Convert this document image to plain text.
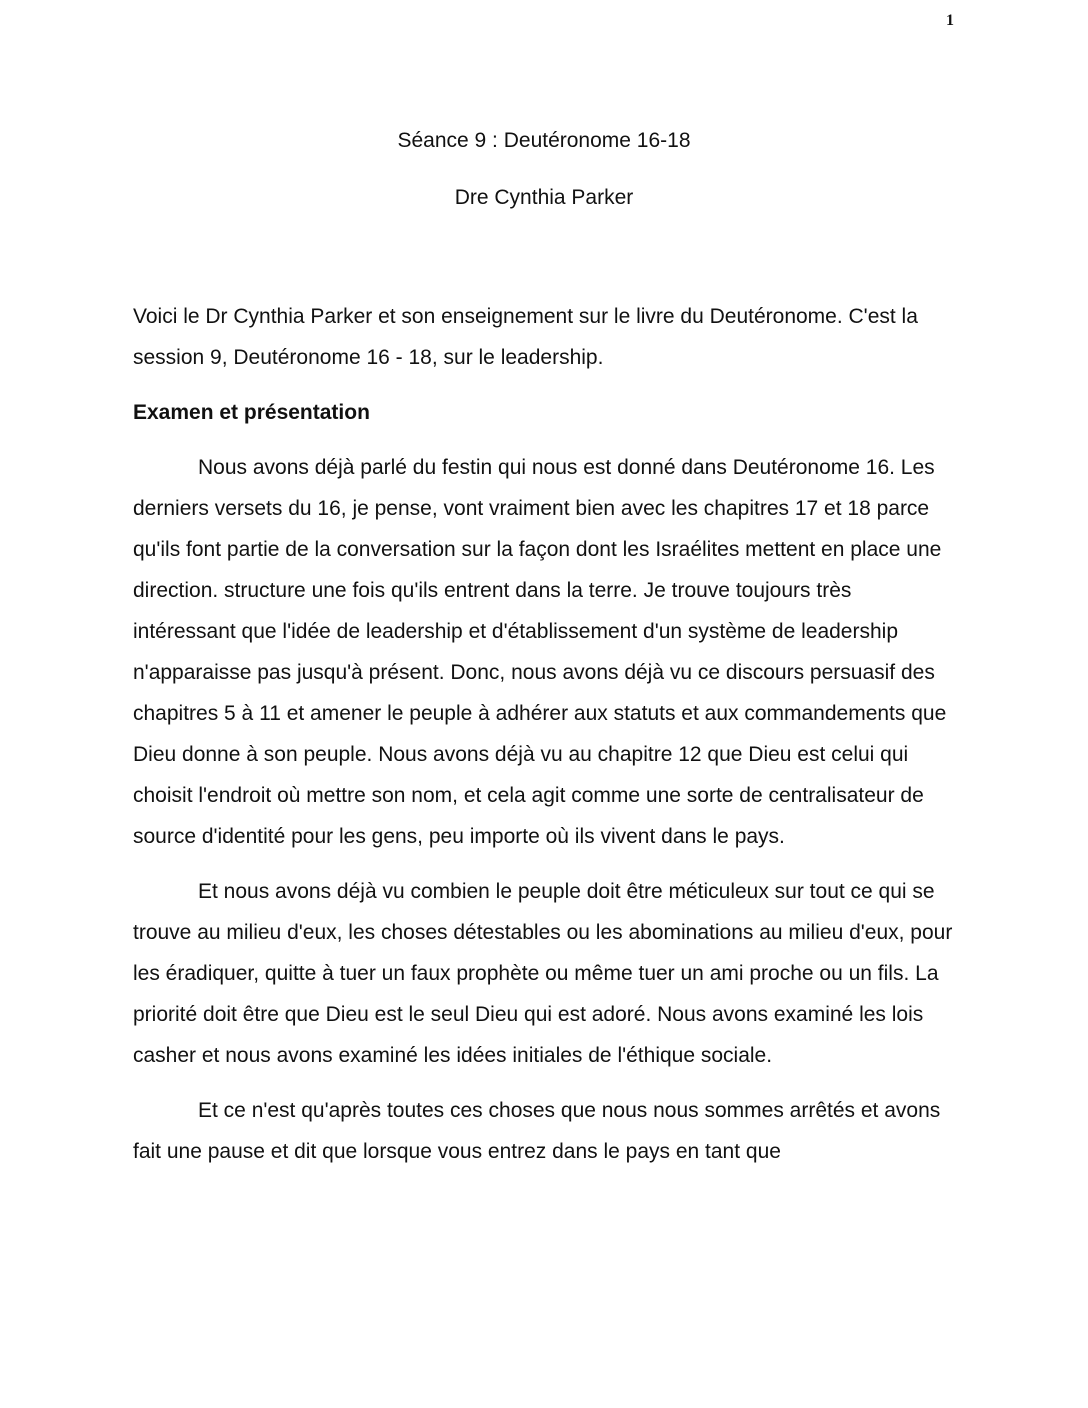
1
Séance 9 : Deutéronome 16-18
Dre Cynthia Parker

Voici le Dr Cynthia Parker et son enseignement sur le livre du Deutéronome. C'est la session 9, Deutéronome 16 - 18, sur le leadership.

Examen et présentation

Nous avons déjà parlé du festin qui nous est donné dans Deutéronome 16. Les derniers versets du 16, je pense, vont vraiment bien avec les chapitres 17 et 18 parce qu'ils font partie de la conversation sur la façon dont les Israélites mettent en place une direction. structure une fois qu'ils entrent dans la terre. Je trouve toujours très intéressant que l'idée de leadership et d'établissement d'un système de leadership n'apparaisse pas jusqu'à présent. Donc, nous avons déjà vu ce discours persuasif des chapitres 5 à 11 et amener le peuple à adhérer aux statuts et aux commandements que Dieu donne à son peuple. Nous avons déjà vu au chapitre 12 que Dieu est celui qui choisit l'endroit où mettre son nom, et cela agit comme une sorte de centralisateur de source d'identité pour les gens, peu importe où ils vivent dans le pays.

Et nous avons déjà vu combien le peuple doit être méticuleux sur tout ce qui se trouve au milieu d'eux, les choses détestables ou les abominations au milieu d'eux, pour les éradiquer, quitte à tuer un faux prophète ou même tuer un ami proche ou un fils. La priorité doit être que Dieu est le seul Dieu qui est adoré. Nous avons examiné les lois casher et nous avons examiné les idées initiales de l'éthique sociale.

Et ce n'est qu'après toutes ces choses que nous nous sommes arrêtés et avons fait une pause et dit que lorsque vous entrez dans le pays en tant que
